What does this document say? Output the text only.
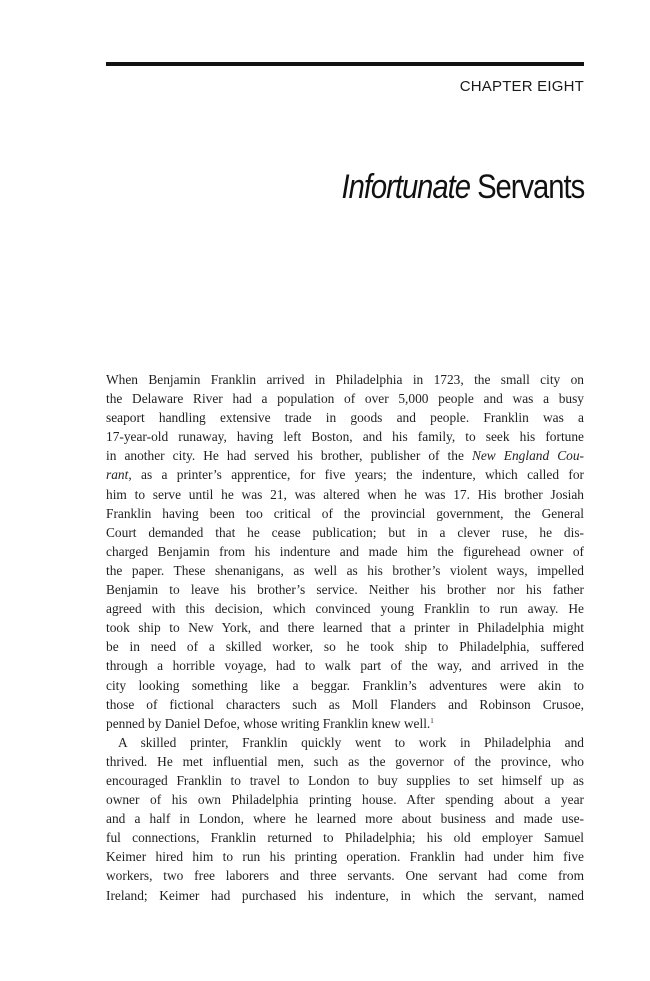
CHAPTER EIGHT
Infortunate Servants
When Benjamin Franklin arrived in Philadelphia in 1723, the small city on
the Delaware River had a population of over 5,000 people and was a busy
seaport handling extensive trade in goods and people. Franklin was a
17-year-old runaway, having left Boston, and his family, to seek his fortune
in another city. He had served his brother, publisher of the New England Cou-
rant, as a printer’s apprentice, for five years; the indenture, which called for
him to serve until he was 21, was altered when he was 17. His brother Josiah
Franklin having been too critical of the provincial government, the General
Court demanded that he cease publication; but in a clever ruse, he dis-
charged Benjamin from his indenture and made him the figurehead owner of
the paper. These shenanigans, as well as his brother’s violent ways, impelled
Benjamin to leave his brother’s service. Neither his brother nor his father
agreed with this decision, which convinced young Franklin to run away. He
took ship to New York, and there learned that a printer in Philadelphia might
be in need of a skilled worker, so he took ship to Philadelphia, suffered
through a horrible voyage, had to walk part of the way, and arrived in the
city looking something like a beggar. Franklin’s adventures were akin to
those of fictional characters such as Moll Flanders and Robinson Crusoe,
penned by Daniel Defoe, whose writing Franklin knew well.$^1$
A skilled printer, Franklin quickly went to work in Philadelphia and
thrived. He met influential men, such as the governor of the province, who
encouraged Franklin to travel to London to buy supplies to set himself up as
owner of his own Philadelphia printing house. After spending about a year
and a half in London, where he learned more about business and made use-
ful connections, Franklin returned to Philadelphia; his old employer Samuel
Keimer hired him to run his printing operation. Franklin had under him five
workers, two free laborers and three servants. One servant had come from
Ireland; Keimer had purchased his indenture, in which the servant, named
